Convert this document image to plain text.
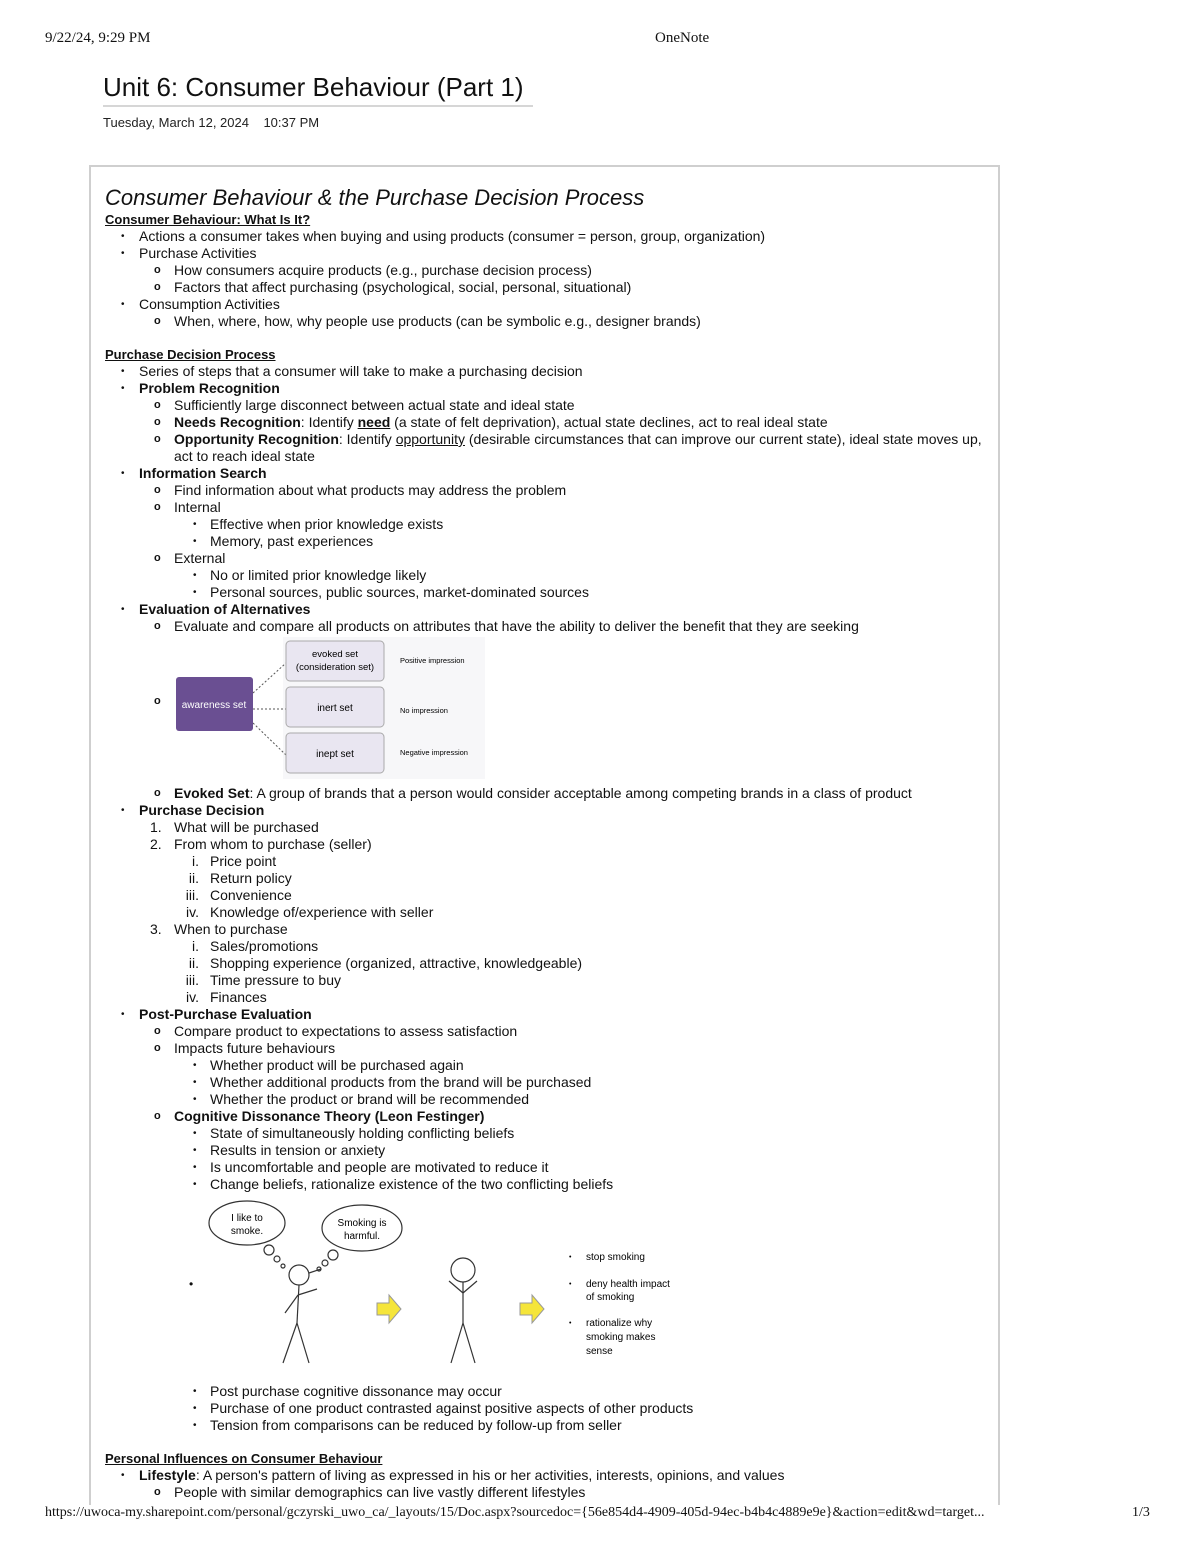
9/22/24, 9:29 PM	OneNote
Unit 6: Consumer Behaviour (Part 1)
Tuesday, March 12, 2024 10:37 PM
Consumer Behaviour & the Purchase Decision Process
Consumer Behaviour: What Is It?
• Actions a consumer takes when buying and using products (consumer = person, group, organization)
• Purchase Activities
o How consumers acquire products (e.g., purchase decision process)
o Factors that affect purchasing (psychological, social, personal, situational)
• Consumption Activities
o When, where, how, why people use products (can be symbolic e.g., designer brands)
Purchase Decision Process
• Series of steps that a consumer will take to make a purchasing decision
• Problem Recognition
o Sufficiently large disconnect between actual state and ideal state
o Needs Recognition: Identify need (a state of felt deprivation), actual state declines, act to real ideal state
o Opportunity Recognition: Identify opportunity (desirable circumstances that can improve our current state), ideal state moves up, act to reach ideal state
• Information Search
o Find information about what products may address the problem
o Internal
• Effective when prior knowledge exists
• Memory, past experiences
o External
• No or limited prior knowledge likely
• Personal sources, public sources, market-dominated sources
• Evaluation of Alternatives
o Evaluate and compare all products on attributes that have the ability to deliver the benefit that they are seeking
o awareness set
evoked set
(consideration set)
inert set
inept set
Positive impression
No impression
Negative impression
o Evoked Set: A group of brands that a person would consider acceptable among competing brands in a class of product
• Purchase Decision
1. What will be purchased
2. From whom to purchase (seller)
i. Price point
ii. Return policy
iii. Convenience
iv. Knowledge of/experience with seller
3. When to purchase
i. Sales/promotions
ii. Shopping experience (organized, attractive, knowledgeable)
iii. Time pressure to buy
iv. Finances
• Post-Purchase Evaluation
o Compare product to expectations to assess satisfaction
o Impacts future behaviours
• Whether product will be purchased again
• Whether additional products from the brand will be purchased
• Whether the product or brand will be recommended
o Cognitive Dissonance Theory (Leon Festinger)
• State of simultaneously holding conflicting beliefs
• Results in tension or anxiety
• Is uncomfortable and people are motivated to reduce it
• Change beliefs, rationalize existence of the two conflicting beliefs
•
I like to
smoke.
Smoking is
harmful.
• stop smoking
• deny health impact
of smoking
• rationalize why
smoking makes
sense
• Post purchase cognitive dissonance may occur
• Purchase of one product contrasted against positive aspects of other products
• Tension from comparisons can be reduced by follow-up from seller
Personal Influences on Consumer Behaviour
• Lifestyle: A person's pattern of living as expressed in his or her activities, interests, opinions, and values
o People with similar demographics can live vastly different lifestyles
https://uwoca-my.sharepoint.com/personal/gczyrski_uwo_ca/_layouts/15/Doc.aspx?sourcedoc={56e854d4-4909-405d-94ec-b4b4c4889e9e}&action=edit&wd=target...	1/3
